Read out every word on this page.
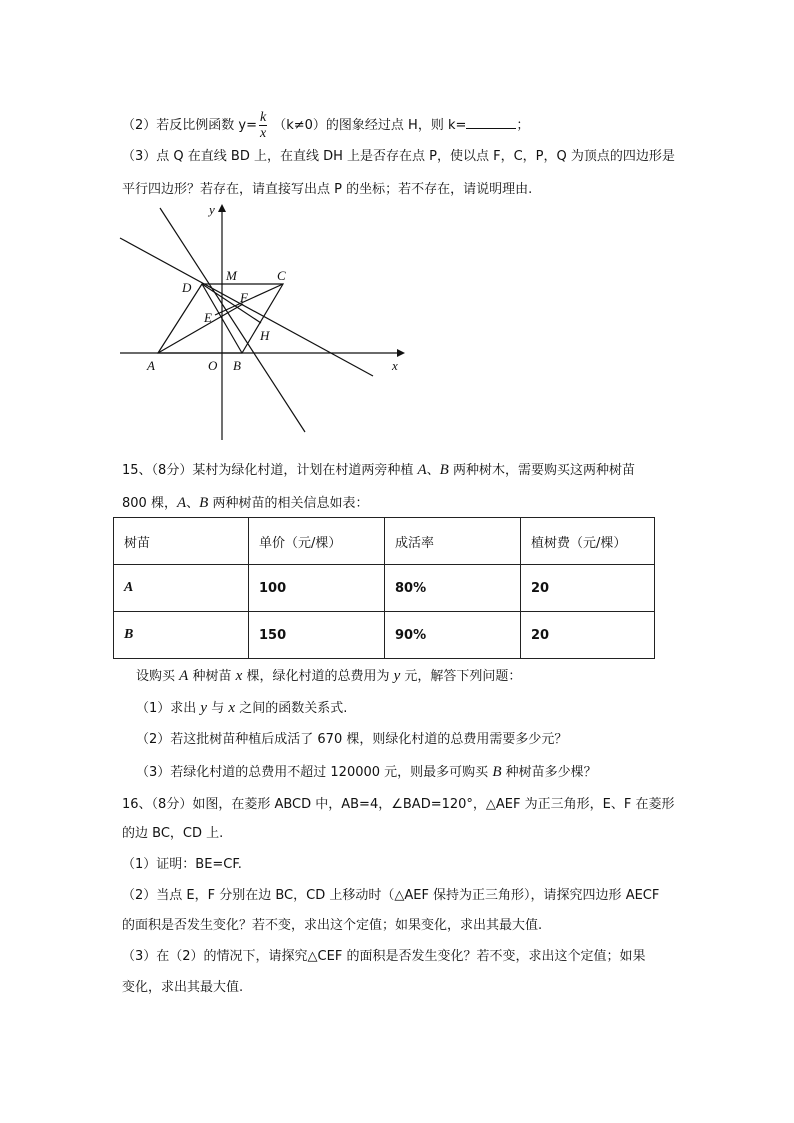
（2）若反比例函数 $y= \frac{k}{x} (k\ne 0)$的图象经过点 H，则 k=	；
（3）点 Q 在直线 BD 上，在直线 DH 上是否存在点 P，使以点 F，C，P，Q 为顶点的四边形是
平行四边形？若存在，请直接写出点 P 的坐标；若不存在，请说明理由.
y
x
M	C
D
F
E
H
A	O B
15、（8分）某村为绿化村道，计划在村道两旁种植 A、B 两种树木，需要购买这两种树苗
800 棵，A、B 两种树苗的相关信息如表：
树苗	单价（元/棵）	成活率	植树费（元/棵）
A	100	80%	20
B	150	90%	20
设购买 A 种树苗 x 棵，绿化村道的总费用为 y 元，解答下列问题：
（1）求出 y 与 x 之间的函数关系式.
（2）若这批树苗种植后成活了 670 棵，则绿化村道的总费用需要多少元？
（3）若绿化村道的总费用不超过 120000 元，则最多可购买 B 种树苗多少棵？
16、（8分）如图，在菱形 ABCD 中，AB=4，∠BAD=120°，△AEF 为正三角形，E、F 在菱形
的边 BC，CD 上.
（1）证明：BE=CF.
（2）当点 E，F 分别在边 BC，CD 上移动时（△AEF 保持为正三角形），请探究四边形 AECF
的面积是否发生变化？若不变，求出这个定值；如果变化，求出其最大值.
（3）在（2）的情况下，请探究△CEF 的面积是否发生变化？若不变，求出这个定值；如果
变化，求出其最大值.
